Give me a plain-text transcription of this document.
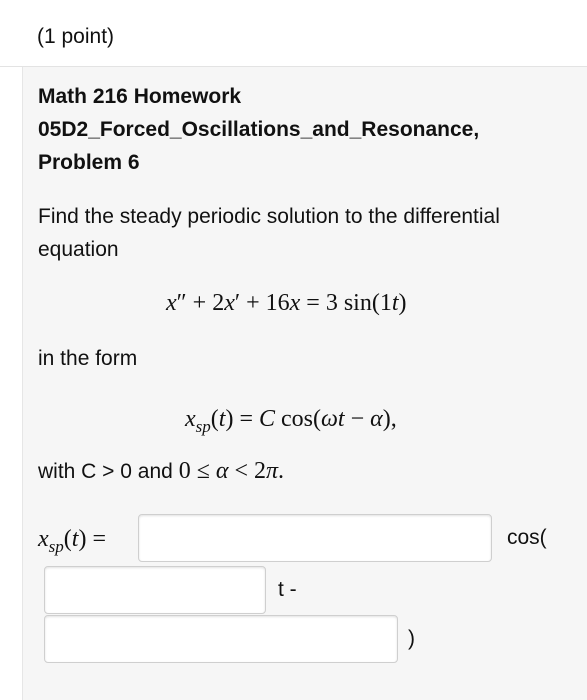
(1 point)
Math 216 Homework
05D2_Forced_Oscillations_and_Resonance,
Problem 6
Find the steady periodic solution to the differential equation
x″ + 2x′ + 16x = 3 sin(1t)
in the form
$x_{sp}(t) = C$ cos(ωt − α),
with C > 0 and 0 ≤ α < 2π.
$x_{sp}(t)$ =	cos(
t -
)
